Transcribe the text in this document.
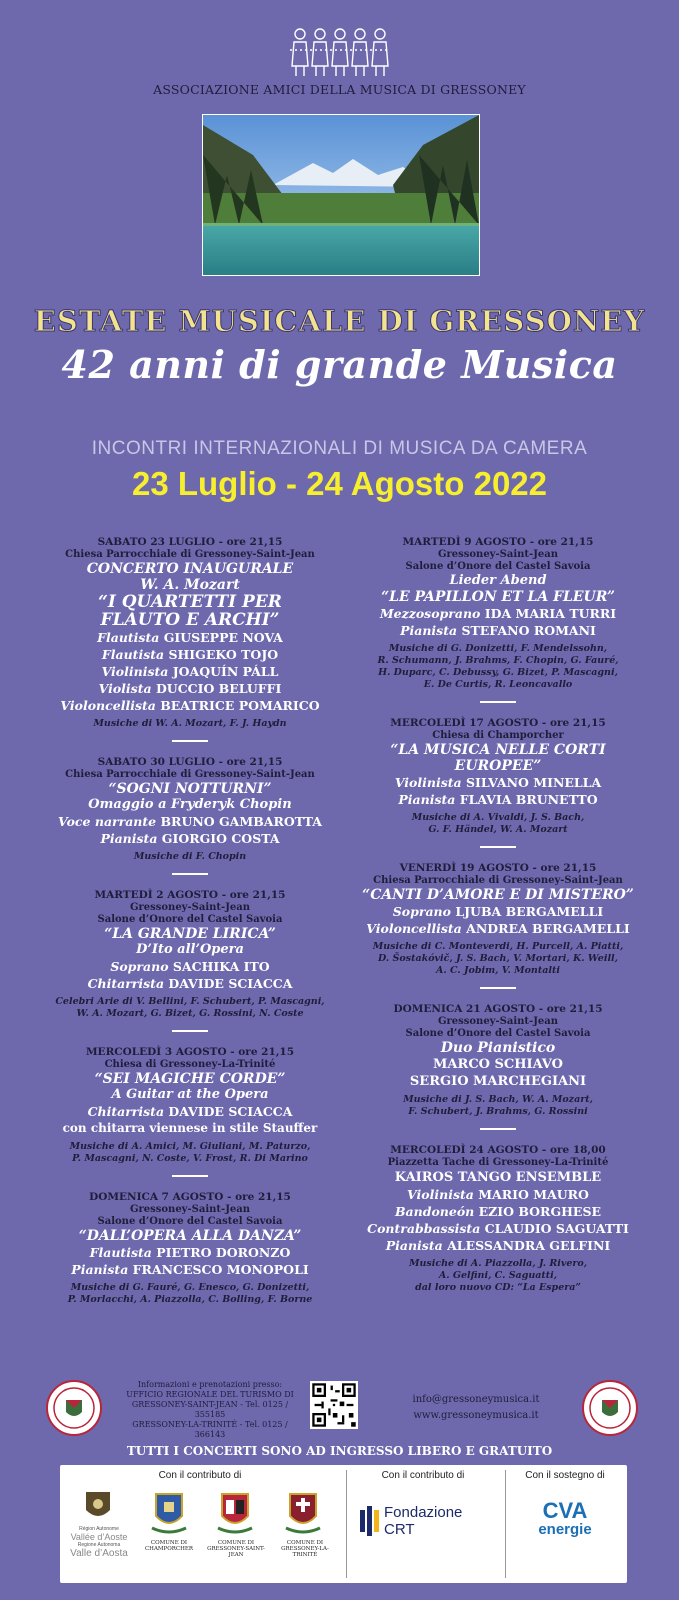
ASSOCIAZIONE AMICI DELLA MUSICA DI GRESSONEY
ESTATE MUSICALE DI GRESSONEY
42 anni di grande Musica
INCONTRI INTERNAZIONALI DI MUSICA DA CAMERA
23 Luglio - 24 Agosto 2022
SABATO 23 LUGLIO - ore 21,15
Chiesa Parrocchiale di Gressoney-Saint-Jean
CONCERTO INAUGURALE
W. A. Mozart
“I QUARTETTI PER
FLAUTO E ARCHI”
Flautista GIUSEPPE NOVA
Flautista SHIGEKO TOJO
Violinista JOAQUÍN PÁLL
Violista DUCCIO BELUFFI
Violoncellista BEATRICE POMARICO
Musiche di W. A. Mozart, F. J. Haydn
SABATO 30 LUGLIO - ore 21,15
Chiesa Parrocchiale di Gressoney-Saint-Jean
“SOGNI NOTTURNI”
Omaggio a Fryderyk Chopin
Voce narrante BRUNO GAMBAROTTA
Pianista GIORGIO COSTA
Musiche di F. Chopin
MARTEDÌ 2 AGOSTO - ore 21,15
Gressoney-Saint-Jean
Salone d’Onore del Castel Savoia
“LA GRANDE LIRICA”
D’Ito all’Opera
Soprano SACHIKA ITO
Chitarrista DAVIDE SCIACCA
Celebri Arie di V. Bellini, F. Schubert, P. Mascagni,
W. A. Mozart, G. Bizet, G. Rossini, N. Coste
MERCOLEDÌ 3 AGOSTO - ore 21,15
Chiesa di Gressoney-La-Trinité
“SEI MAGICHE CORDE”
A Guitar at the Opera
Chitarrista DAVIDE SCIACCA
con chitarra viennese in stile Stauffer
Musiche di A. Amici, M. Giuliani, M. Paturzo,
P. Mascagni, N. Coste, V. Frost, R. Di Marino
DOMENICA 7 AGOSTO - ore 21,15
Gressoney-Saint-Jean
Salone d’Onore del Castel Savoia
“DALL’OPERA ALLA DANZA”
Flautista PIETRO DORONZO
Pianista FRANCESCO MONOPOLI
Musiche di G. Fauré, G. Enesco, G. Donizetti,
P. Morlacchi, A. Piazzolla, C. Bolling, F. Borne
MARTEDÌ 9 AGOSTO - ore 21,15
Gressoney-Saint-Jean
Salone d’Onore del Castel Savoia
Lieder Abend
“LE PAPILLON ET LA FLEUR”
Mezzosoprano IDA MARIA TURRI
Pianista STEFANO ROMANI
Musiche di G. Donizetti, F. Mendelssohn,
R. Schumann, J. Brahms, F. Chopin, G. Fauré,
H. Duparc, C. Debussy, G. Bizet, P. Mascagni,
E. De Curtis, R. Leoncavallo
MERCOLEDÌ 17 AGOSTO - ore 21,15
Chiesa di Champorcher
“LA MUSICA NELLE CORTI EUROPEE”
Violinista SILVANO MINELLA
Pianista FLAVIA BRUNETTO
Musiche di A. Vivaldi, J. S. Bach,
G. F. Händel, W. A. Mozart
VENERDÌ 19 AGOSTO - ore 21,15
Chiesa Parrocchiale di Gressoney-Saint-Jean
“CANTI D’AMORE E DI MISTERO”
Soprano LJUBA BERGAMELLI
Violoncellista ANDREA BERGAMELLI
Musiche di C. Monteverdi, H. Purcell, A. Piatti,
D. Šostakóvič, J. S. Bach, V. Mortari, K. Weill,
A. C. Jobim, V. Montalti
DOMENICA 21 AGOSTO - ore 21,15
Gressoney-Saint-Jean
Salone d’Onore del Castel Savoia
Duo Pianistico
MARCO SCHIAVO
SERGIO MARCHEGIANI
Musiche di J. S. Bach, W. A. Mozart,
F. Schubert, J. Brahms, G. Rossini
MERCOLEDÌ 24 AGOSTO - ore 18,00
Piazzetta Tache di Gressoney-La-Trinité
KAIROS TANGO ENSEMBLE
Violinista MARIO MAURO
Bandoneón EZIO BORGHESE
Contrabbassista CLAUDIO SAGUATTI
Pianista ALESSANDRA GELFINI
Musiche di A. Piazzolla, J. Rivero,
A. Gelfini, C. Saguatti,
dal loro nuovo CD: “La Espera”
Informazioni e prenotazioni presso:
UFFICIO REGIONALE DEL TURISMO DI
GRESSONEY-SAINT-JEAN - Tel. 0125 / 355185
GRESSONEY-LA-TRINITÉ - Tel. 0125 / 366143
info@gressoneymusica.it
www.gressoneymusica.it
TUTTI I CONCERTI SONO AD INGRESSO LIBERO E GRATUITO
Con il contributo di	Con il contributo di	Con il sostegno di
Région Autonome
Vallée d’Aoste
Regione Autonoma
Valle d’Aosta
COMUNE DI
CHAMPORCHER
COMUNE DI
GRESSONEY-SAINT-JEAN
COMUNE DI
GRESSONEY-LA-TRINITÉ
Fondazione
CRT
CVA
energie
